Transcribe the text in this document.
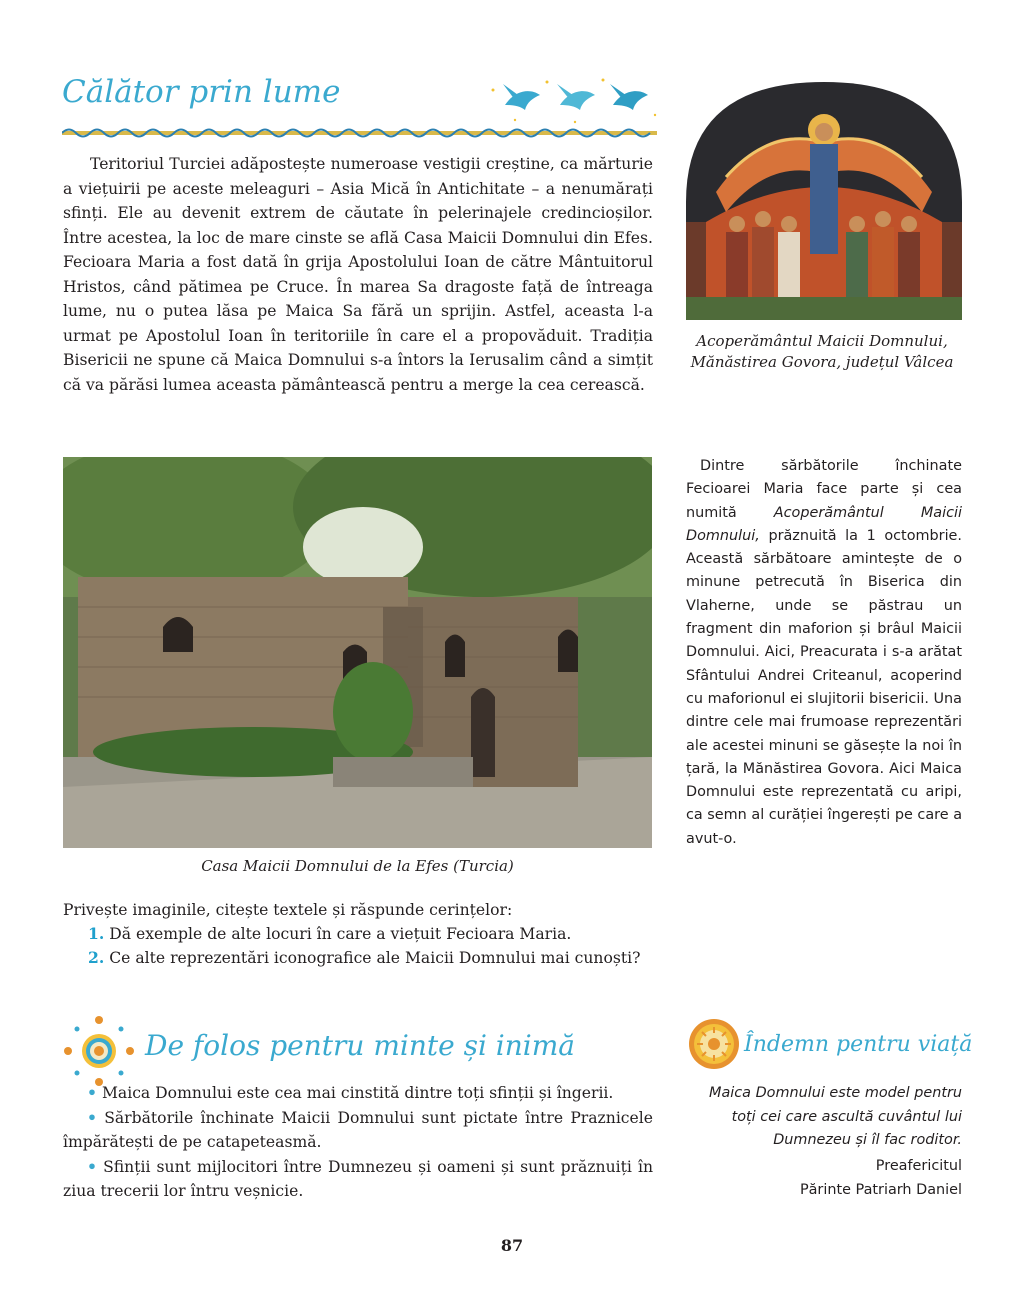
Călător prin lume

Teritoriul Turciei adăpostește numeroase vestigii creștine, ca mărturie a viețuirii pe aceste meleaguri – Asia Mică în Antichitate – a nenumărați sfinți. Ele au devenit extrem de căutate în pelerinajele credincioșilor. Între acestea, la loc de mare cinste se află Casa Maicii Domnului din Efes. Fecioara Maria a fost dată în grija Apostolului Ioan de către Mântuitorul Hristos, când pătimea pe Cruce. În marea Sa dragoste față de întreaga lume, nu o putea lăsa pe Maica Sa fără un sprijin. Astfel, aceasta l-a urmat pe Apostolul Ioan în teritoriile în care el a propovăduit. Tradiția Bisericii ne spune că Maica Domnului s-a întors la Ierusalim când a simțit că va părăsi lumea aceasta pământească pentru a merge la cea cerească.

Acoperământul Maicii Domnului,
Mănăstirea Govora, județul Vâlcea
Casa Maicii Domnului de la Efes (Turcia)

Dintre sărbătorile închinate Fecioarei Maria face parte și cea numită Acoperământul Maicii Domnului, prăznuită la 1 octombrie. Această sărbătoare amintește de o minune petrecută în Biserica din Vlaherne, unde se păstrau un fragment din maforion și brâul Maicii Domnului. Aici, Preacurata i s-a arătat Sfântului Andrei Criteanul, acoperind cu maforionul ei slujitorii bisericii. Una dintre cele mai frumoase reprezentări ale acestei minuni se găsește la noi în țară, la Mănăstirea Govora. Aici Maica Domnului este reprezentată cu aripi, ca semn al curăției îngerești pe care a avut-o.

Privește imaginile, citește textele și răspunde cerințelor:
1. Dă exemple de alte locuri în care a viețuit Fecioara Maria.
2. Ce alte reprezentări iconografice ale Maicii Domnului mai cunoști?
De folos pentru minte și inimă
• Maica Domnului este cea mai cinstită dintre toți sfinții și îngerii.
• Sărbătorile închinate Maicii Domnului sunt pictate între Praznicele împărătești de pe catapeteasmă.
• Sfinții sunt mijlocitori între Dumnezeu și oameni și sunt prăznuiți în ziua trecerii lor întru veșnicie.
Îndemn pentru viață

Maica Domnului este model pentru toți cei care ascultă cuvântul lui Dumnezeu și îl fac roditor.

Preafericitul
Părinte Patriarh Daniel
87
